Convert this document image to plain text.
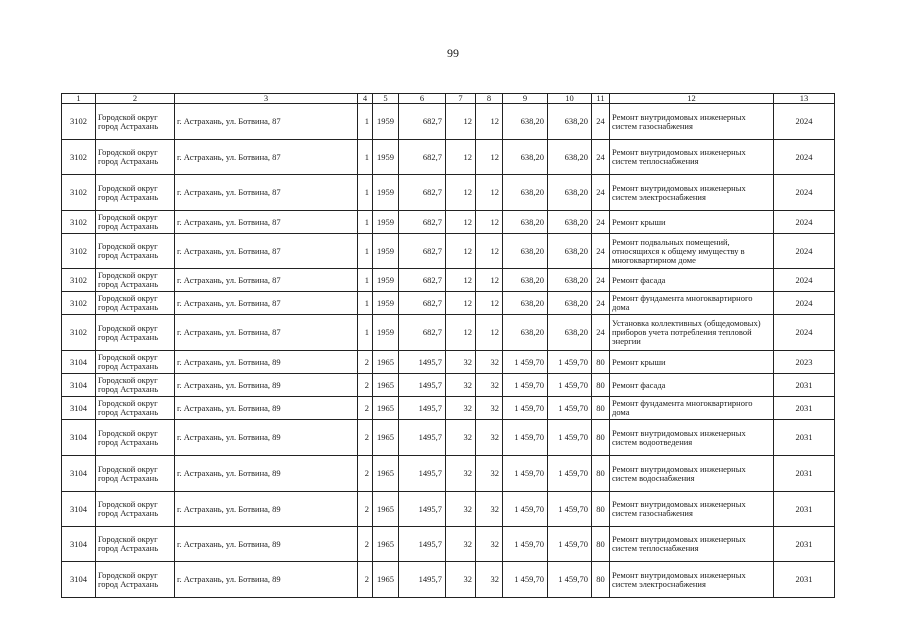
99
1	2	3	4	5	6	7	8	9	10	11	12	13
3102	Городской округ город Астрахань	г. Астрахань, ул. Ботвина, 87	1	1959	682,7	12	12	638,20	638,20	24	Ремонт внутридомовых инженерных систем газоснабжения	2024
3102	Городской округ город Астрахань	г. Астрахань, ул. Ботвина, 87	1	1959	682,7	12	12	638,20	638,20	24	Ремонт внутридомовых инженерных систем теплоснабжения	2024
3102	Городской округ город Астрахань	г. Астрахань, ул. Ботвина, 87	1	1959	682,7	12	12	638,20	638,20	24	Ремонт внутридомовых инженерных систем электроснабжения	2024
3102	Городской округ город Астрахань	г. Астрахань, ул. Ботвина, 87	1	1959	682,7	12	12	638,20	638,20	24	Ремонт крыши	2024
3102	Городской округ город Астрахань	г. Астрахань, ул. Ботвина, 87	1	1959	682,7	12	12	638,20	638,20	24	Ремонт подвальных помещений, относящихся к общему имуществу в многоквартирном доме	2024
3102	Городской округ город Астрахань	г. Астрахань, ул. Ботвина, 87	1	1959	682,7	12	12	638,20	638,20	24	Ремонт фасада	2024
3102	Городской округ город Астрахань	г. Астрахань, ул. Ботвина, 87	1	1959	682,7	12	12	638,20	638,20	24	Ремонт фундамента многоквартирного дома	2024
3102	Городской округ город Астрахань	г. Астрахань, ул. Ботвина, 87	1	1959	682,7	12	12	638,20	638,20	24	Установка коллективных (общедомовых) приборов учета потребления тепловой энергии	2024
3104	Городской округ город Астрахань	г. Астрахань, ул. Ботвина, 89	2	1965	1495,7	32	32	1 459,70	1 459,70	80	Ремонт крыши	2023
3104	Городской округ город Астрахань	г. Астрахань, ул. Ботвина, 89	2	1965	1495,7	32	32	1 459,70	1 459,70	80	Ремонт фасада	2031
3104	Городской округ город Астрахань	г. Астрахань, ул. Ботвина, 89	2	1965	1495,7	32	32	1 459,70	1 459,70	80	Ремонт фундамента многоквартирного дома	2031
3104	Городской округ город Астрахань	г. Астрахань, ул. Ботвина, 89	2	1965	1495,7	32	32	1 459,70	1 459,70	80	Ремонт внутридомовых инженерных систем водоотведения	2031
3104	Городской округ город Астрахань	г. Астрахань, ул. Ботвина, 89	2	1965	1495,7	32	32	1 459,70	1 459,70	80	Ремонт внутридомовых инженерных систем водоснабжения	2031
3104	Городской округ город Астрахань	г. Астрахань, ул. Ботвина, 89	2	1965	1495,7	32	32	1 459,70	1 459,70	80	Ремонт внутридомовых инженерных систем газоснабжения	2031
3104	Городской округ город Астрахань	г. Астрахань, ул. Ботвина, 89	2	1965	1495,7	32	32	1 459,70	1 459,70	80	Ремонт внутридомовых инженерных систем теплоснабжения	2031
3104	Городской округ город Астрахань	г. Астрахань, ул. Ботвина, 89	2	1965	1495,7	32	32	1 459,70	1 459,70	80	Ремонт внутридомовых инженерных систем электроснабжения	2031
